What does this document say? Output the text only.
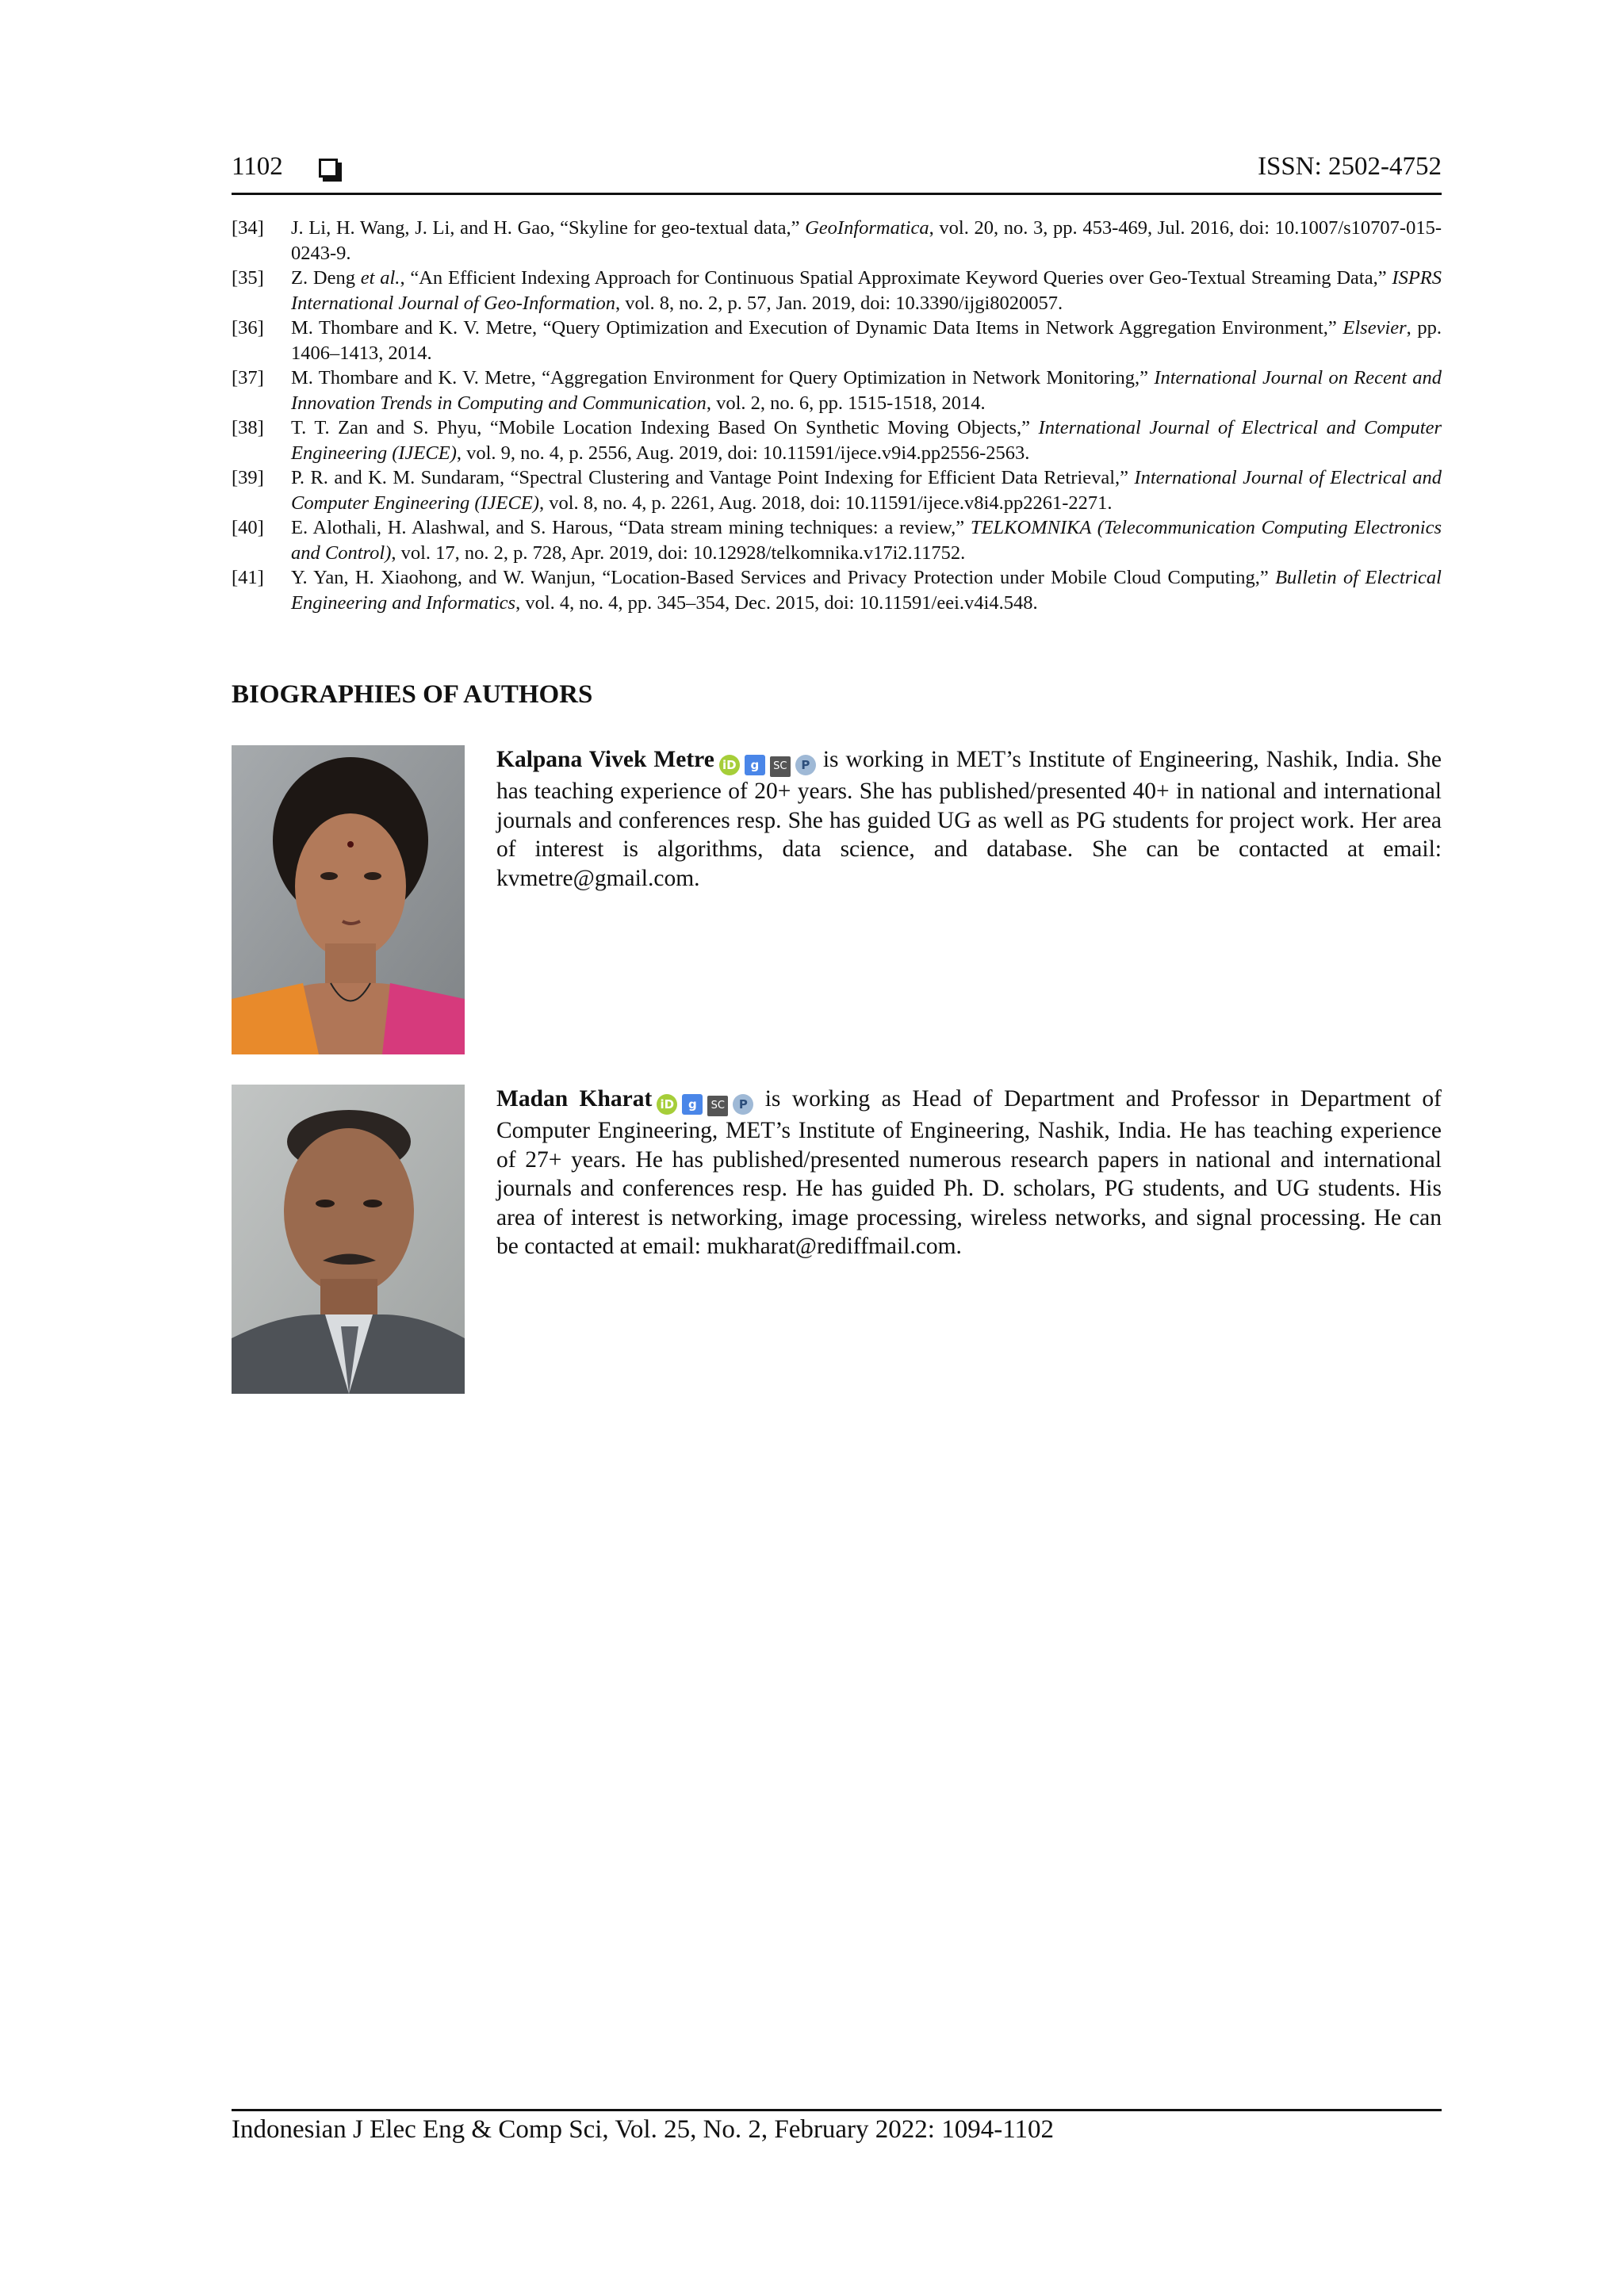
1102	ISSN: 2502-4752
[34]	J. Li, H. Wang, J. Li, and H. Gao, “Skyline for geo-textual data,” GeoInformatica, vol. 20, no. 3, pp. 453-469, Jul. 2016, doi: 10.1007/s10707-015-0243-9.
[35]	Z. Deng et al., “An Efficient Indexing Approach for Continuous Spatial Approximate Keyword Queries over Geo-Textual Streaming Data,” ISPRS International Journal of Geo-Information, vol. 8, no. 2, p. 57, Jan. 2019, doi: 10.3390/ijgi8020057.
[36]	M. Thombare and K. V. Metre, “Query Optimization and Execution of Dynamic Data Items in Network Aggregation Environment,” Elsevier, pp. 1406–1413, 2014.
[37]	M. Thombare and K. V. Metre, “Aggregation Environment for Query Optimization in Network Monitoring,” International Journal on Recent and Innovation Trends in Computing and Communication, vol. 2, no. 6, pp. 1515-1518, 2014.
[38]	T. T. Zan and S. Phyu, “Mobile Location Indexing Based On Synthetic Moving Objects,” International Journal of Electrical and Computer Engineering (IJECE), vol. 9, no. 4, p. 2556, Aug. 2019, doi: 10.11591/ijece.v9i4.pp2556-2563.
[39]	P. R. and K. M. Sundaram, “Spectral Clustering and Vantage Point Indexing for Efficient Data Retrieval,” International Journal of Electrical and Computer Engineering (IJECE), vol. 8, no. 4, p. 2261, Aug. 2018, doi: 10.11591/ijece.v8i4.pp2261-2271.
[40]	E. Alothali, H. Alashwal, and S. Harous, “Data stream mining techniques: a review,” TELKOMNIKA (Telecommunication Computing Electronics and Control), vol. 17, no. 2, p. 728, Apr. 2019, doi: 10.12928/telkomnika.v17i2.11752.
[41]	Y. Yan, H. Xiaohong, and W. Wanjun, “Location-Based Services and Privacy Protection under Mobile Cloud Computing,” Bulletin of Electrical Engineering and Informatics, vol. 4, no. 4, pp. 345–354, Dec. 2015, doi: 10.11591/eei.v4i4.548.
BIOGRAPHIES OF AUTHORS
Kalpana Vivek Metre iD g SC P is working in MET’s Institute of Engineering, Nashik, India. She has teaching experience of 20+ years. She has published/presented 40+ in national and international journals and conferences resp. She has guided UG as well as PG students for project work. Her area of interest is algorithms, data science, and database. She can be contacted at email: kvmetre@gmail.com.
Madan Kharat iD g SC P is working as Head of Department and Professor in Department of Computer Engineering, MET’s Institute of Engineering, Nashik, India. He has teaching experience of 27+ years. He has published/presented numerous research papers in national and international journals and conferences resp. He has guided Ph. D. scholars, PG students, and UG students. His area of interest is networking, image processing, wireless networks, and signal processing. He can be contacted at email: mukharat@rediffmail.com.
Indonesian J Elec Eng & Comp Sci, Vol. 25, No. 2, February 2022: 1094-1102
